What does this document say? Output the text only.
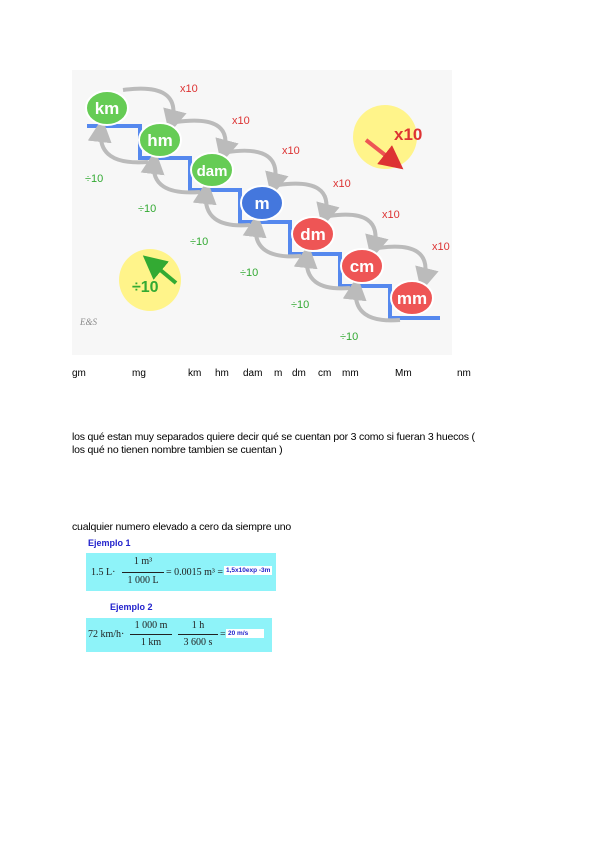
x10
x10
x10
x10
x10
x10
÷10
÷10
÷10
÷10
÷10
÷10
km
hm
dam
m
dm
cm
mm
x10
÷10
E&S
gm	mg	km hm dam m dm cm mm	Mm	nm
los qué estan muy separados quiere decir qué se cuentan por 3 como si fueran 3 huecos (
los qué no tienen nombre tambien se cuentan )
cualquier numero elevado a cero da siempre uno
Ejemplo 1
1.5 L·
1 m³
1 000 L
= 0.0015 m³ = 1,5x10exp -3m
Ejemplo 2
72 km/h·
1 000 m
1 km
1 h
3 600 s
= 20 m/s
